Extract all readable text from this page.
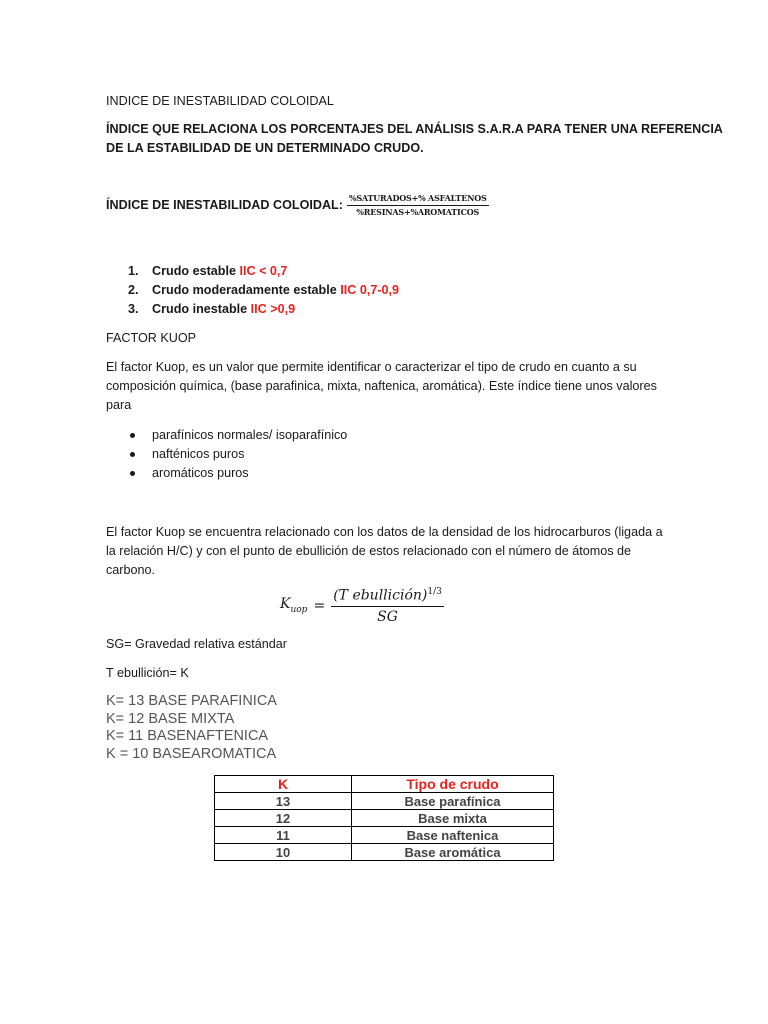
INDICE DE INESTABILIDAD COLOIDAL
ÍNDICE QUE RELACIONA LOS PORCENTAJES DEL ANÁLISIS S.A.R.A PARA TENER UNA REFERENCIA
DE LA ESTABILIDAD DE UN DETERMINADO CRUDO.
ÍNDICE DE INESTABILIDAD COLOIDAL: $\frac{\text{\%SATURADOS+\% ASFALTENOS}}{\text{\%RESINAS+\%AROMATICOS}}$
1. Crudo estable IIC < 0,7
2. Crudo moderadamente estable IIC 0,7-0,9
3. Crudo inestable IIC >0,9
FACTOR KUOP
El factor Kuop, es un valor que permite identificar o caracterizar el tipo de crudo en cuanto a su
composición química, (base parafinica, mixta, naftenica, aromática). Este índice tiene unos valores
para
parafínicos normales/ isoparafínico
nafténicos puros
aromáticos puros
El factor Kuop se encuentra relacionado con los datos de la densidad de los hidrocarburos (ligada a
la relación H/C) y con el punto de ebullición de estos relacionado con el número de átomos de
carbono.
$K_{uop}$ =
(T ebullición)$^{1/3}$
SG
SG= Gravedad relativa estándar
T ebullición= K
K= 13 BASE PARAFINICA
K= 12 BASE MIXTA
K= 11 BASENAFTENICA
K = 10 BASEAROMATICA
K	Tipo de crudo
13	Base parafínica
12	Base mixta
11	Base naftenica
10	Base aromática
